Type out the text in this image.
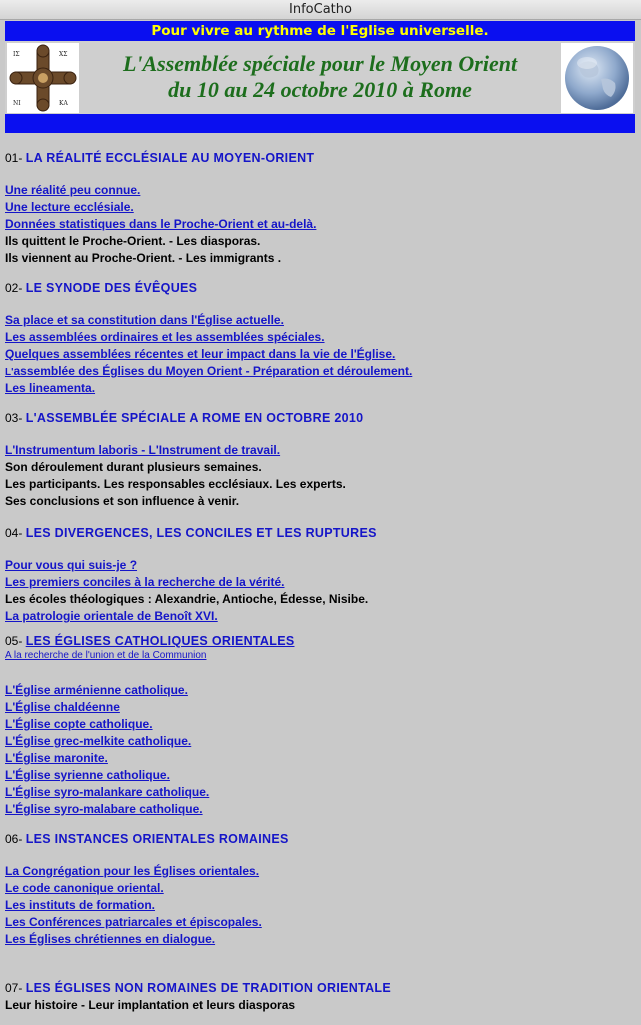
InfoCatho
Pour vivre au rythme de l'Eglise universelle.
ΙΣ	ΧΣ
ΝΙ	ΚΑ
L'Assemblée spéciale pour le Moyen Orient
du 10 au 24 octobre 2010 à Rome
01- LA RÉALITÉ ECCLÉSIALE AU MOYEN-ORIENT
Une réalité peu connue.
Une lecture ecclésiale.
Données statistiques dans le Proche-Orient et au-delà.
Ils quittent le Proche-Orient. - Les diasporas.
Ils viennent au Proche-Orient. - Les immigrants .
02- LE SYNODE DES ÉVÊQUES
Sa place et sa constitution dans l'Église actuelle.
Les assemblées ordinaires et les assemblées spéciales.
Quelques assemblées récentes et leur impact dans la vie de l'Église.
L'assemblée des Églises du Moyen Orient - Préparation et déroulement.
Les lineamenta.
03- L'ASSEMBLÉE SPÉCIALE A ROME EN OCTOBRE 2010
L'Instrumentum laboris - L'Instrument de travail.
Son déroulement durant plusieurs semaines.
Les participants. Les responsables ecclésiaux. Les experts.
Ses conclusions et son influence à venir.
04- LES DIVERGENCES, LES CONCILES ET LES RUPTURES
Pour vous qui suis-je ?
Les premiers conciles à la recherche de la vérité.
Les écoles théologiques : Alexandrie, Antioche, Édesse, Nisibe.
La patrologie orientale de Benoît XVI.
05- LES ÉGLISES CATHOLIQUES ORIENTALES
A la recherche de l'union et de la Communion
L'Église arménienne catholique.
L'Église chaldéenne
L'Église copte catholique.
L'Église grec-melkite catholique.
L'Église maronite.
L'Église syrienne catholique.
L'Église syro-malankare catholique.
L'Église syro-malabare catholique.
06- LES INSTANCES ORIENTALES ROMAINES
La Congrégation pour les Églises orientales.
Le code canonique oriental.
Les instituts de formation.
Les Conférences patriarcales et épiscopales.
Les Églises chrétiennes en dialogue.
07- LES ÉGLISES NON ROMAINES DE TRADITION ORIENTALE
Leur histoire - Leur implantation et leurs diasporas
